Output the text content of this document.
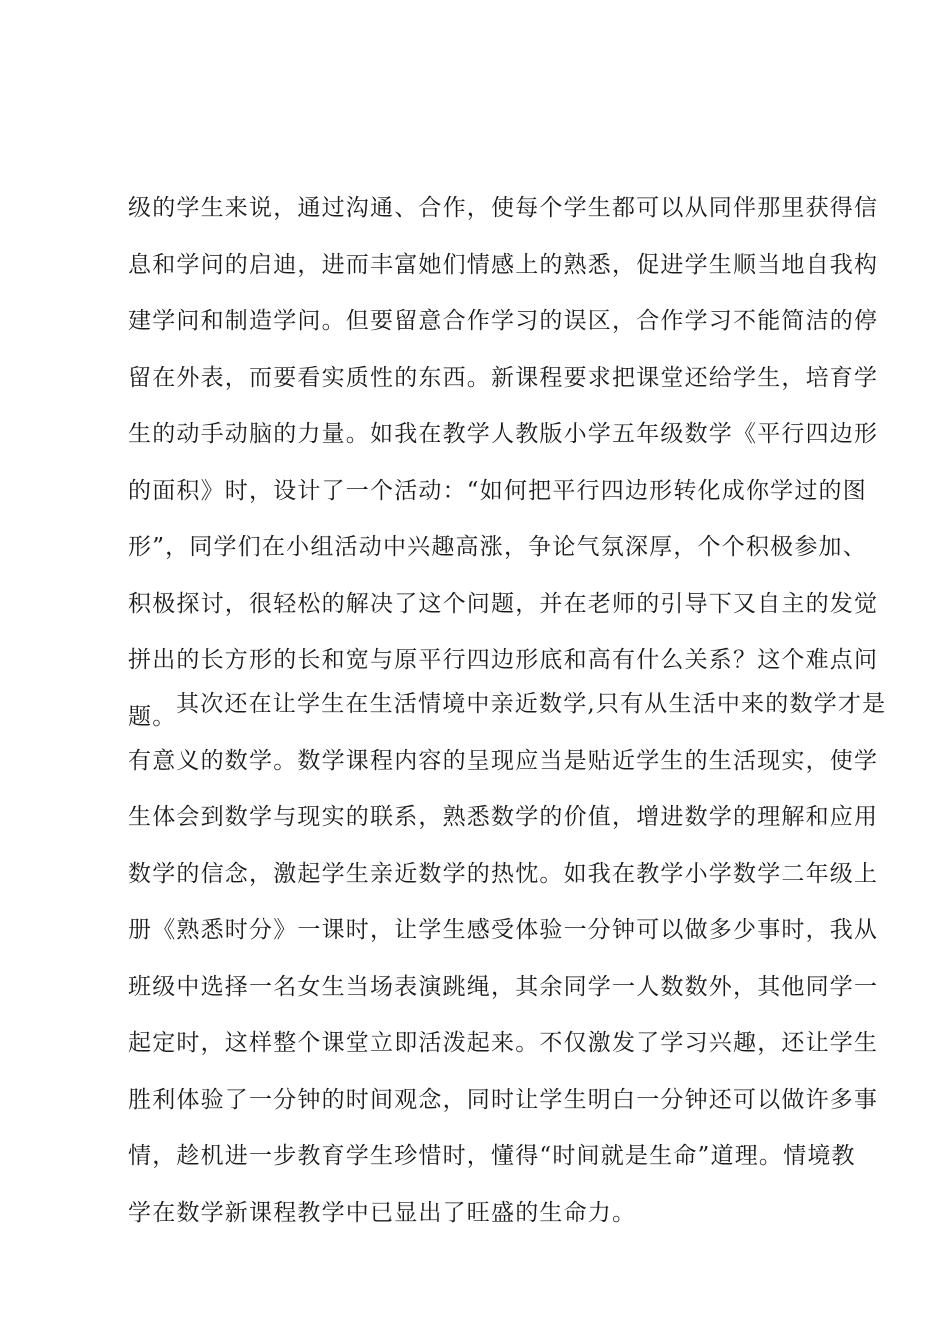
级的学生来说，通过沟通、合作，使每个学生都可以从同伴那里获得信
息和学问的启迪，进而丰富她们情感上的熟悉，促进学生顺当地自我构
建学问和制造学问。但要留意合作学习的误区，合作学习不能简洁的停
留在外表，而要看实质性的东西。新课程要求把课堂还给学生，培育学
生的动手动脑的力量。如我在教学人教版小学五年级数学《平行四边形
的面积》时，设计了一个活动：“如何把平行四边形转化成你学过的图
形”，同学们在小组活动中兴趣高涨，争论气氛深厚，个个积极参加、
积极探讨，很轻松的解决了这个问题，并在老师的引导下又自主的发觉
拼出的长方形的长和宽与原平行四边形底和高有什么关系？这个难点问
题。 其次还在让学生在生活情境中亲近数学,只有从生活中来的数学才是
有意义的数学。数学课程内容的呈现应当是贴近学生的生活现实，使学
生体会到数学与现实的联系，熟悉数学的价值，增进数学的理解和应用
数学的信念，激起学生亲近数学的热忱。如我在教学小学数学二年级上
册《熟悉时分》一课时，让学生感受体验一分钟可以做多少事时，我从
班级中选择一名女生当场表演跳绳，其余同学一人数数外，其他同学一
起定时，这样整个课堂立即活泼起来。不仅激发了学习兴趣，还让学生
胜利体验了一分钟的时间观念，同时让学生明白一分钟还可以做许多事
情，趁机进一步教育学生珍惜时，懂得“时间就是生命”道理。情境教
学在数学新课程教学中已显出了旺盛的生命力。
